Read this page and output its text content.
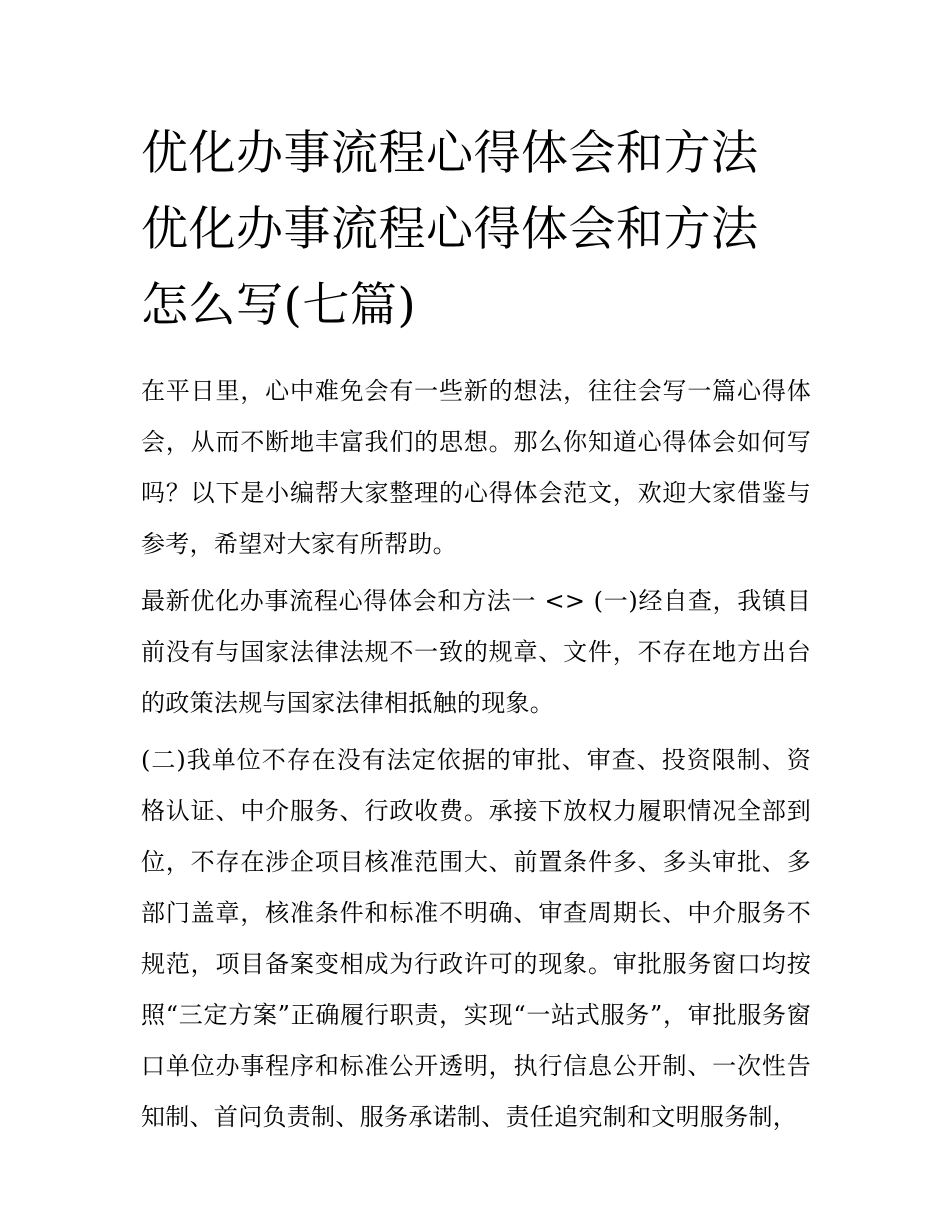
优化办事流程心得体会和方法
优化办事流程心得体会和方法
怎么写(七篇)

在平日里，心中难免会有一些新的想法，往往会写一篇心得体会，从而不断地丰富我们的思想。那么你知道心得体会如何写吗？以下是小编帮大家整理的心得体会范文，欢迎大家借鉴与参考，希望对大家有所帮助。

最新优化办事流程心得体会和方法一 <> (一)经自查，我镇目前没有与国家法律法规不一致的规章、文件，不存在地方出台的政策法规与国家法律相抵触的现象。

(二)我单位不存在没有法定依据的审批、审查、投资限制、资格认证、中介服务、行政收费。承接下放权力履职情况全部到位，不存在涉企项目核准范围大、前置条件多、多头审批、多部门盖章，核准条件和标准不明确、审查周期长、中介服务不规范，项目备案变相成为行政许可的现象。审批服务窗口均按照“三定方案”正确履行职责，实现“一站式服务”，审批服务窗口单位办事程序和标准公开透明，执行信息公开制、一次性告知制、首问负责制、服务承诺制、责任追究制和文明服务制，
